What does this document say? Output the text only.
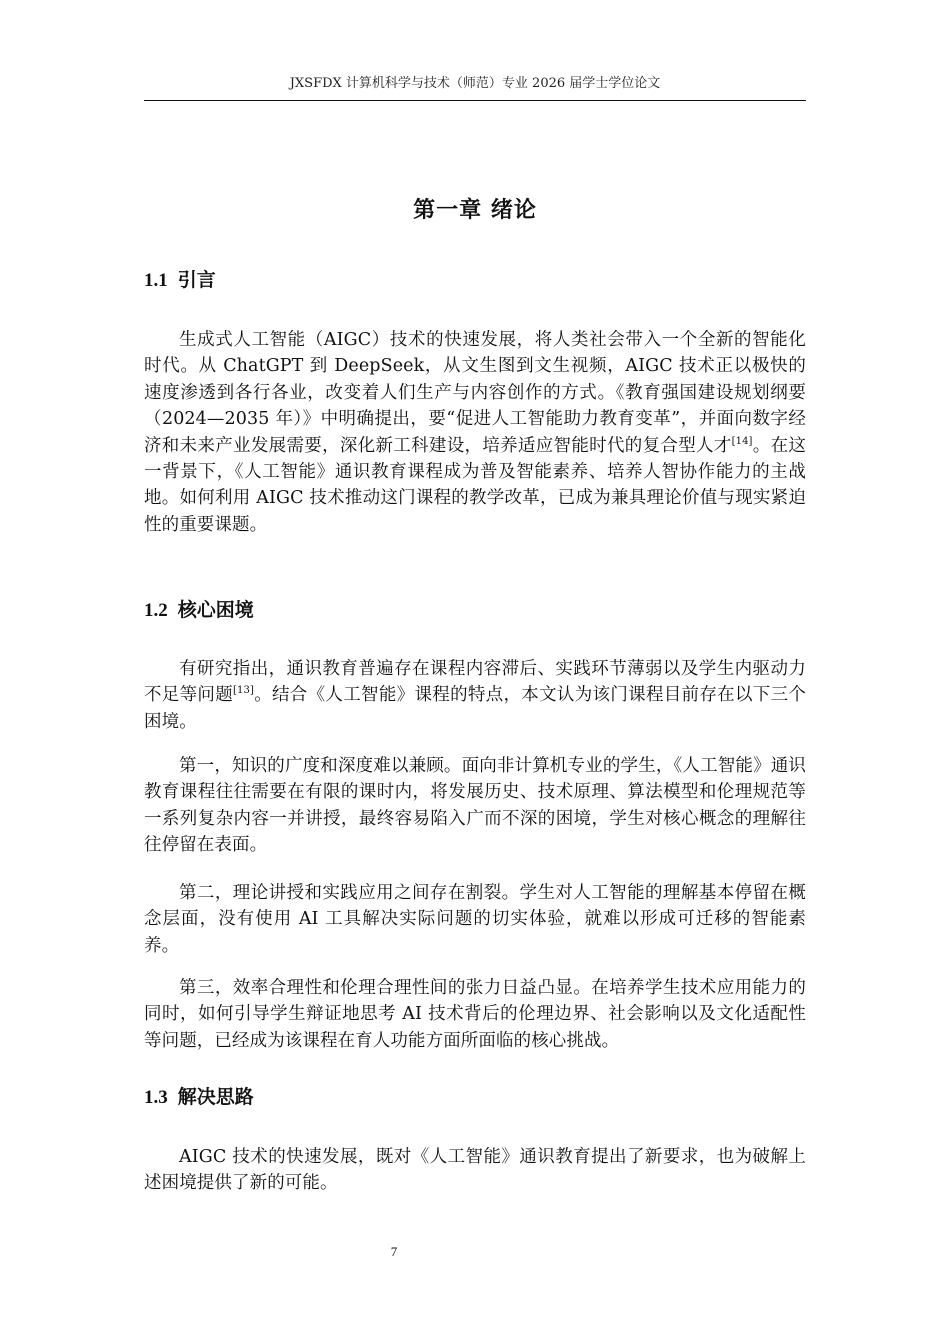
JXSFDX 计算机科学与技术（师范）专业 2026 届学士学位论文
第一章 绪论
1.1 引言

生成式人工智能（AIGC）技术的快速发展，将人类社会带入一个全新的智能化时代。从 ChatGPT 到 DeepSeek，从文生图到文生视频，AIGC 技术正以极快的速度渗透到各行各业，改变着人们生产与内容创作的方式。《教育强国建设规划纲要（2024—2035 年）》中明确提出，要“促进人工智能助力教育变革”，并面向数字经济和未来产业发展需要，深化新工科建设，培养适应智能时代的复合型人才[14]。在这一背景下，《人工智能》通识教育课程成为普及智能素养、培养人智协作能力的主战地。如何利用 AIGC 技术推动这门课程的教学改革，已成为兼具理论价值与现实紧迫性的重要课题。

1.2 核心困境

有研究指出，通识教育普遍存在课程内容滞后、实践环节薄弱以及学生内驱动力不足等问题[13]。结合《人工智能》课程的特点，本文认为该门课程目前存在以下三个困境。

第一，知识的广度和深度难以兼顾。面向非计算机专业的学生，《人工智能》通识教育课程往往需要在有限的课时内，将发展历史、技术原理、算法模型和伦理规范等一系列复杂内容一并讲授，最终容易陷入广而不深的困境，学生对核心概念的理解往往停留在表面。

第二，理论讲授和实践应用之间存在割裂。学生对人工智能的理解基本停留在概念层面，没有使用 AI 工具解决实际问题的切实体验，就难以形成可迁移的智能素养。

第三，效率合理性和伦理合理性间的张力日益凸显。在培养学生技术应用能力的同时，如何引导学生辩证地思考 AI 技术背后的伦理边界、社会影响以及文化适配性等问题，已经成为该课程在育人功能方面所面临的核心挑战。

1.3 解决思路

AIGC 技术的快速发展，既对《人工智能》通识教育提出了新要求，也为破解上述困境提供了新的可能。

7
